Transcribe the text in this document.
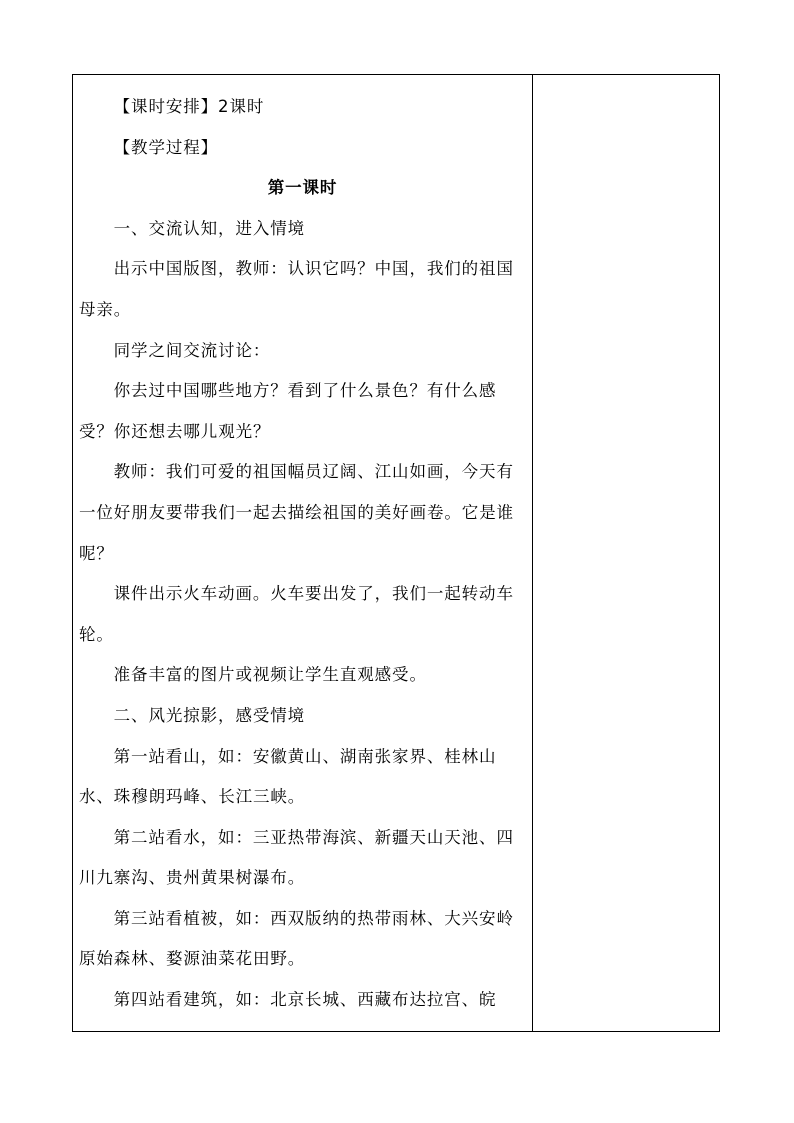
【课时安排】2课时

【教学过程】

第一课时

一、交流认知，进入情境

出示中国版图，教师：认识它吗？中国，我们的祖国母亲。

同学之间交流讨论：

你去过中国哪些地方？看到了什么景色？有什么感受？你还想去哪儿观光？

教师：我们可爱的祖国幅员辽阔、江山如画，今天有一位好朋友要带我们一起去描绘祖国的美好画卷。它是谁呢？

课件出示火车动画。火车要出发了，我们一起转动车轮。

准备丰富的图片或视频让学生直观感受。

二、风光掠影，感受情境

第一站看山，如：安徽黄山、湖南张家界、桂林山水、珠穆朗玛峰、长江三峡。

第二站看水，如：三亚热带海滨、新疆天山天池、四川九寨沟、贵州黄果树瀑布。

第三站看植被，如：西双版纳的热带雨林、大兴安岭原始森林、婺源油菜花田野。

第四站看建筑，如：北京长城、西藏布达拉宫、皖
